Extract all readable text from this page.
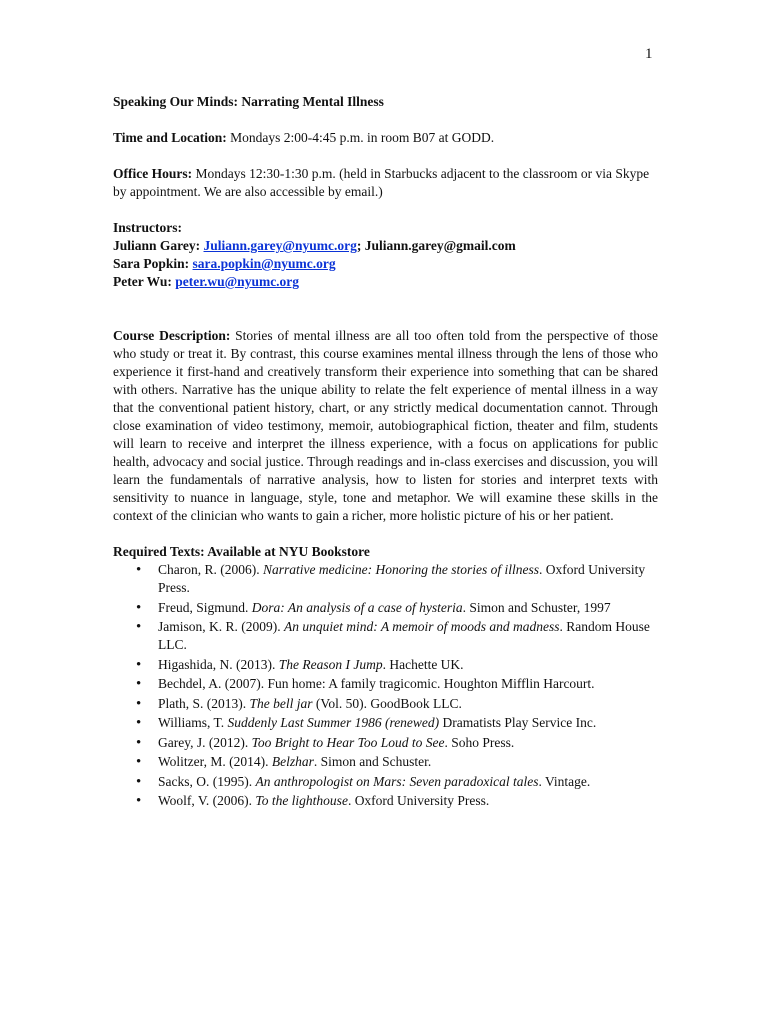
1

Speaking Our Minds: Narrating Mental Illness

Time and Location: Mondays 2:00-4:45 p.m. in room B07 at GODD.

Office Hours: Mondays 12:30-1:30 p.m. (held in Starbucks adjacent to the classroom or via Skype by appointment. We are also accessible by email.)

Instructors:

Juliann Garey: Juliann.garey@nyumc.org; Juliann.garey@gmail.com

Sara Popkin: sara.popkin@nyumc.org

Peter Wu: peter.wu@nyumc.org

Course Description: Stories of mental illness are all too often told from the perspective of those who study or treat it. By contrast, this course examines mental illness through the lens of those who experience it first-hand and creatively transform their experience into something that can be shared with others. Narrative has the unique ability to relate the felt experience of mental illness in a way that the conventional patient history, chart, or any strictly medical documentation cannot. Through close examination of video testimony, memoir, autobiographical fiction, theater and film, students will learn to receive and interpret the illness experience, with a focus on applications for public health, advocacy and social justice. Through readings and in-class exercises and discussion, you will learn the fundamentals of narrative analysis, how to listen for stories and interpret texts with sensitivity to nuance in language, style, tone and metaphor. We will examine these skills in the context of the clinician who wants to gain a richer, more holistic picture of his or her patient.

Required Texts: Available at NYU Bookstore

• Charon, R. (2006). Narrative medicine: Honoring the stories of illness. Oxford University Press.
• Freud, Sigmund. Dora: An analysis of a case of hysteria. Simon and Schuster, 1997
• Jamison, K. R. (2009). An unquiet mind: A memoir of moods and madness. Random House LLC.
• Higashida, N. (2013). The Reason I Jump. Hachette UK.
• Bechdel, A. (2007). Fun home: A family tragicomic. Houghton Mifflin Harcourt.
• Plath, S. (2013). The bell jar (Vol. 50). GoodBook LLC.
• Williams, T. Suddenly Last Summer 1986 (renewed) Dramatists Play Service Inc.
• Garey, J. (2012). Too Bright to Hear Too Loud to See. Soho Press.
• Wolitzer, M. (2014). Belzhar. Simon and Schuster.
• Sacks, O. (1995). An anthropologist on Mars: Seven paradoxical tales. Vintage.
• Woolf, V. (2006). To the lighthouse. Oxford University Press.
